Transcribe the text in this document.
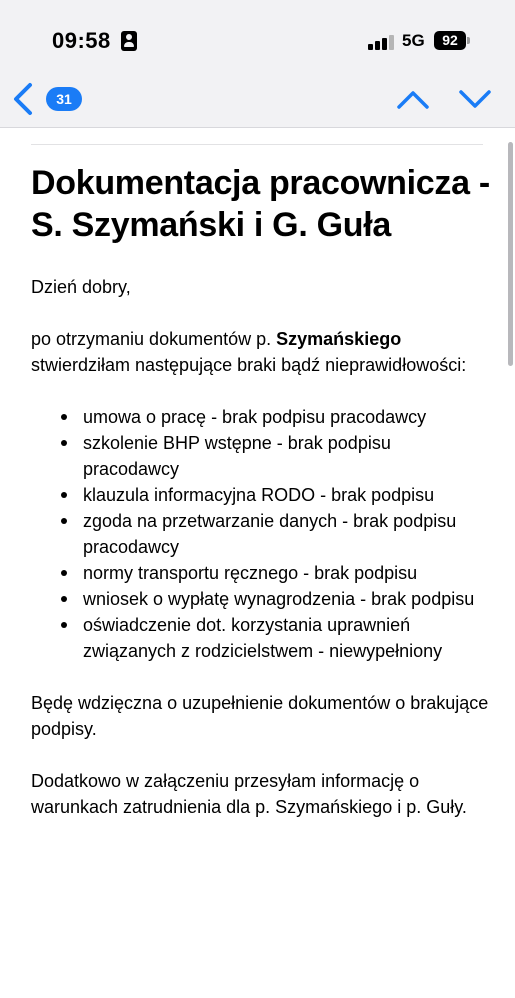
09:58	5G	92
31
Dokumentacja pracownicza - S. Szymański i G. Guła

Dzień dobry,

po otrzymaniu dokumentów p. Szymańskiego stwierdziłam następujące braki bądź nieprawidłowości:

umowa o pracę - brak podpisu pracodawcy
szkolenie BHP wstępne - brak podpisu pracodawcy
klauzula informacyjna RODO - brak podpisu
zgoda na przetwarzanie danych - brak podpisu pracodawcy
normy transportu ręcznego - brak podpisu
wniosek o wypłatę wynagrodzenia - brak podpisu
oświadczenie dot. korzystania uprawnień związanych z rodzicielstwem - niewypełniony

Będę wdzięczna o uzupełnienie dokumentów o brakujące podpisy.

Dodatkowo w załączeniu przesyłam informację o warunkach zatrudnienia dla p. Szymańskiego i p. Guły.
